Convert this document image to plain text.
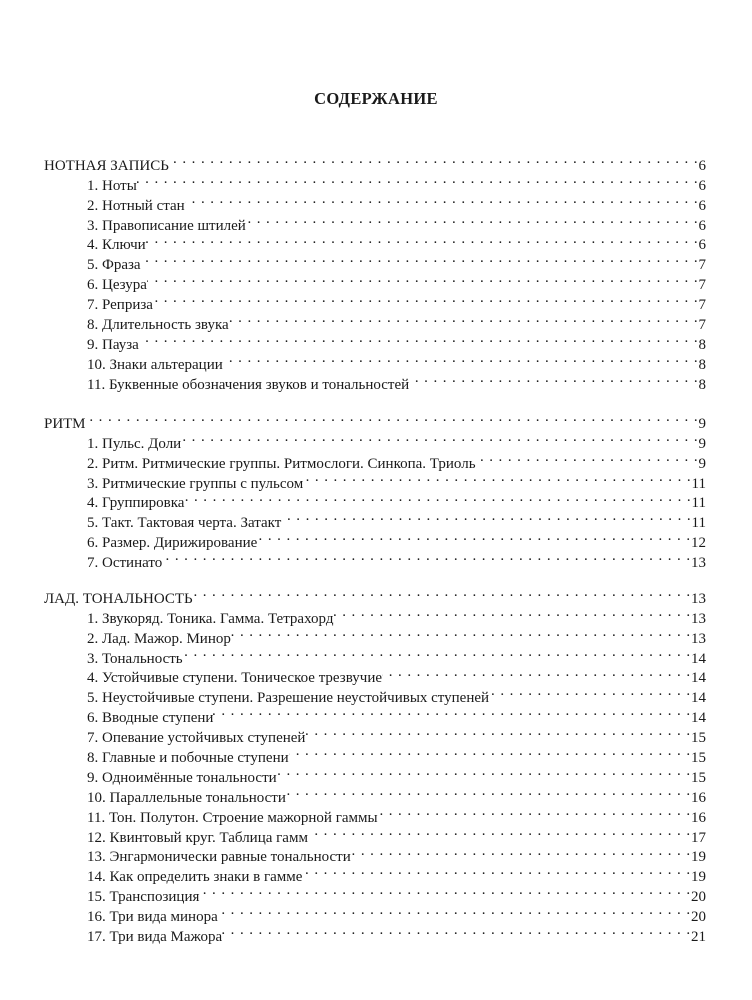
СОДЕРЖАНИЕ
НОТНАЯ ЗАПИСЬ . . .	6
1. Ноты . . .	6
2. Нотный стан . . .	6
3. Правописание штилей . . .	6
4. Ключи . . .	6
5. Фраза . . .	7
6. Цезура . . .	7
7. Реприза . . .	7
8. Длительность звука . . .	7
9. Пауза . . .	8
10. Знаки альтерации . . .	8
11. Буквенные обозначения звуков и тональностей . . .	8
РИТМ . . .	9
1. Пульс. Доли . . .	9
2. Ритм. Ритмические группы. Ритмослоги. Синкопа. Триоль . . .	9
3. Ритмические группы с пульсом . . .	11
4. Группировка . . .	11
5. Такт. Тактовая черта. Затакт . . .	11
6. Размер. Дирижирование . . .	12
7. Остинато . . .	13
ЛАД. ТОНАЛЬНОСТЬ . . .	13
1. Звукоряд. Тоника. Гамма. Тетрахорд . . .	13
2. Лад. Мажор. Минор . . .	13
3. Тональность . . .	14
4. Устойчивые ступени. Тоническое трезвучие . . .	14
5. Неустойчивые ступени. Разрешение неустойчивых ступеней . . .	14
6. Вводные ступени . . .	14
7. Опевание устойчивых ступеней . . .	15
8. Главные и побочные ступени . . .	15
9. Одноимённые тональности . . .	15
10. Параллельные тональности . . .	16
11. Тон. Полутон. Строение мажорной гаммы . . .	16
12. Квинтовый круг. Таблица гамм . . .	17
13. Энгармонически равные тональности . . .	19
14. Как определить знаки в гамме . . .	19
15. Транспозиция . . .	20
16. Три вида минора . . .	20
17. Три вида Мажора . . .	21
